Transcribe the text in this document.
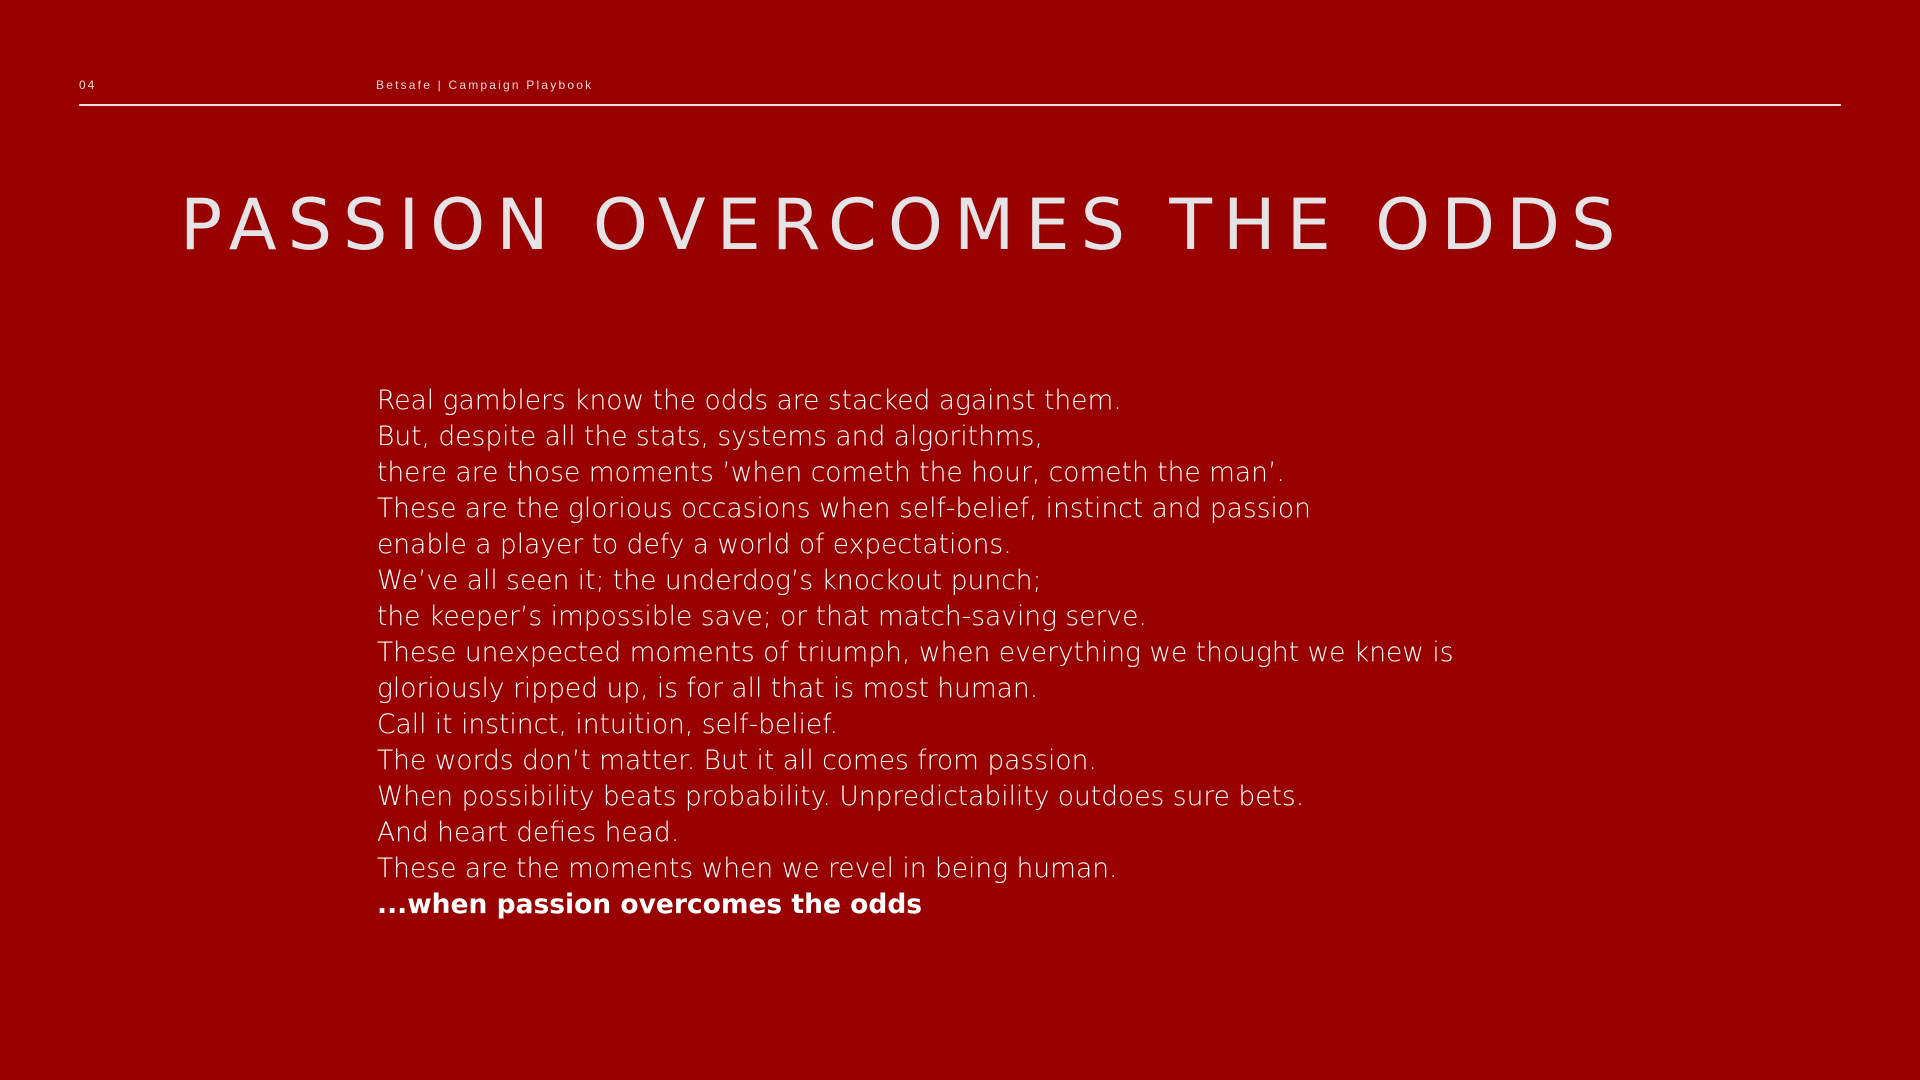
04	Betsafe | Campaign Playbook
PASSION OVERCOMES THE ODDS
Real gamblers know the odds are stacked against them.
But, despite all the stats, systems and algorithms,
there are those moments ’when cometh the hour, cometh the man’.
These are the glorious occasions when self-belief, instinct and passion
enable a player to defy a world of expectations.
We’ve all seen it; the underdog’s knockout punch;
the keeper’s impossible save; or that match-saving serve.
These unexpected moments of triumph, when everything we thought we knew is
gloriously ripped up, is for all that is most human.
Call it instinct, intuition, self-belief.
The words don’t matter. But it all comes from passion.
When possibility beats probability. Unpredictability outdoes sure bets.
And heart defies head.
These are the moments when we revel in being human.
...when passion overcomes the odds
